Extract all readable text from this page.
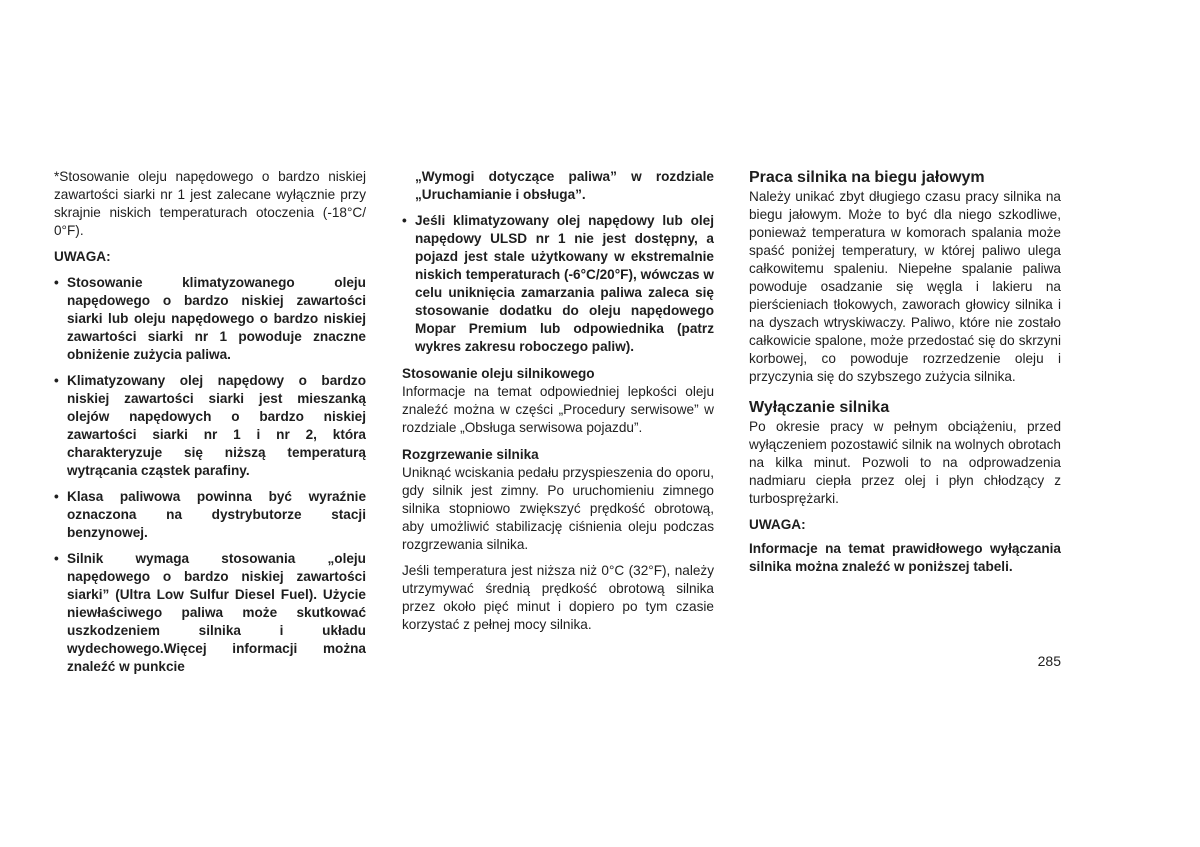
*Stosowanie oleju napędowego o bardzo niskiej zawartości siarki nr 1 jest zalecane wyłącznie przy skrajnie niskich temperaturach otoczenia (-18°C/ 0°F).

UWAGA:

• Stosowanie klimatyzowanego oleju napędowego o bardzo niskiej zawartości siarki lub oleju napędowego o bardzo niskiej zawartości siarki nr 1 powoduje znaczne obniżenie zużycia paliwa.
• Klimatyzowany olej napędowy o bardzo niskiej zawartości siarki jest mieszanką olejów napędowych o bardzo niskiej zawartości siarki nr 1 i nr 2, która charakteryzuje się niższą temperaturą wytrącania cząstek parafiny.
• Klasa paliwowa powinna być wyraźnie oznaczona na dystrybutorze stacji benzynowej.
• Silnik wymaga stosowania „oleju napędowego o bardzo niskiej zawartości siarki” (Ultra Low Sulfur Diesel Fuel). Użycie niewłaściwego paliwa może skutkować uszkodzeniem silnika i układu wydechowego.Więcej informacji można znaleźć w punkcie

„Wymogi dotyczące paliwa” w rozdziale „Uruchamianie i obsługa”.

• Jeśli klimatyzowany olej napędowy lub olej napędowy ULSD nr 1 nie jest dostępny, a pojazd jest stale użytkowany w ekstremalnie niskich temperaturach (-6°C/20°F), wówczas w celu uniknięcia zamarzania paliwa zaleca się stosowanie dodatku do oleju napędowego Mopar Premium lub odpowiednika (patrz wykres zakresu roboczego paliw).

Stosowanie oleju silnikowego

Informacje na temat odpowiedniej lepkości oleju znaleźć można w części „Procedury serwisowe” w rozdziale „Obsługa serwisowa pojazdu”.

Rozgrzewanie silnika

Uniknąć wciskania pedału przyspieszenia do oporu, gdy silnik jest zimny. Po uruchomieniu zimnego silnika stopniowo zwiększyć prędkość obrotową, aby umożliwić stabilizację ciśnienia oleju podczas rozgrzewania silnika.

Jeśli temperatura jest niższa niż 0°C (32°F), należy utrzymywać średnią prędkość obrotową silnika przez około pięć minut i dopiero po tym czasie korzystać z pełnej mocy silnika.

Praca silnika na biegu jałowym

Należy unikać zbyt długiego czasu pracy silnika na biegu jałowym. Może to być dla niego szkodliwe, ponieważ temperatura w komorach spalania może spaść poniżej temperatury, w której paliwo ulega całkowitemu spaleniu. Niepełne spalanie paliwa powoduje osadzanie się węgla i lakieru na pierścieniach tłokowych, zaworach głowicy silnika i na dyszach wtryskiwaczy. Paliwo, które nie zostało całkowicie spalone, może przedostać się do skrzyni korbowej, co powoduje rozrzedzenie oleju i przyczynia się do szybszego zużycia silnika.

Wyłączanie silnika

Po okresie pracy w pełnym obciążeniu, przed wyłączeniem pozostawić silnik na wolnych obrotach na kilka minut. Pozwoli to na odprowadzenia nadmiaru ciepła przez olej i płyn chłodzący z turbosprężarki.

UWAGA:

Informacje na temat prawidłowego wyłączania silnika można znaleźć w poniższej tabeli.

285
